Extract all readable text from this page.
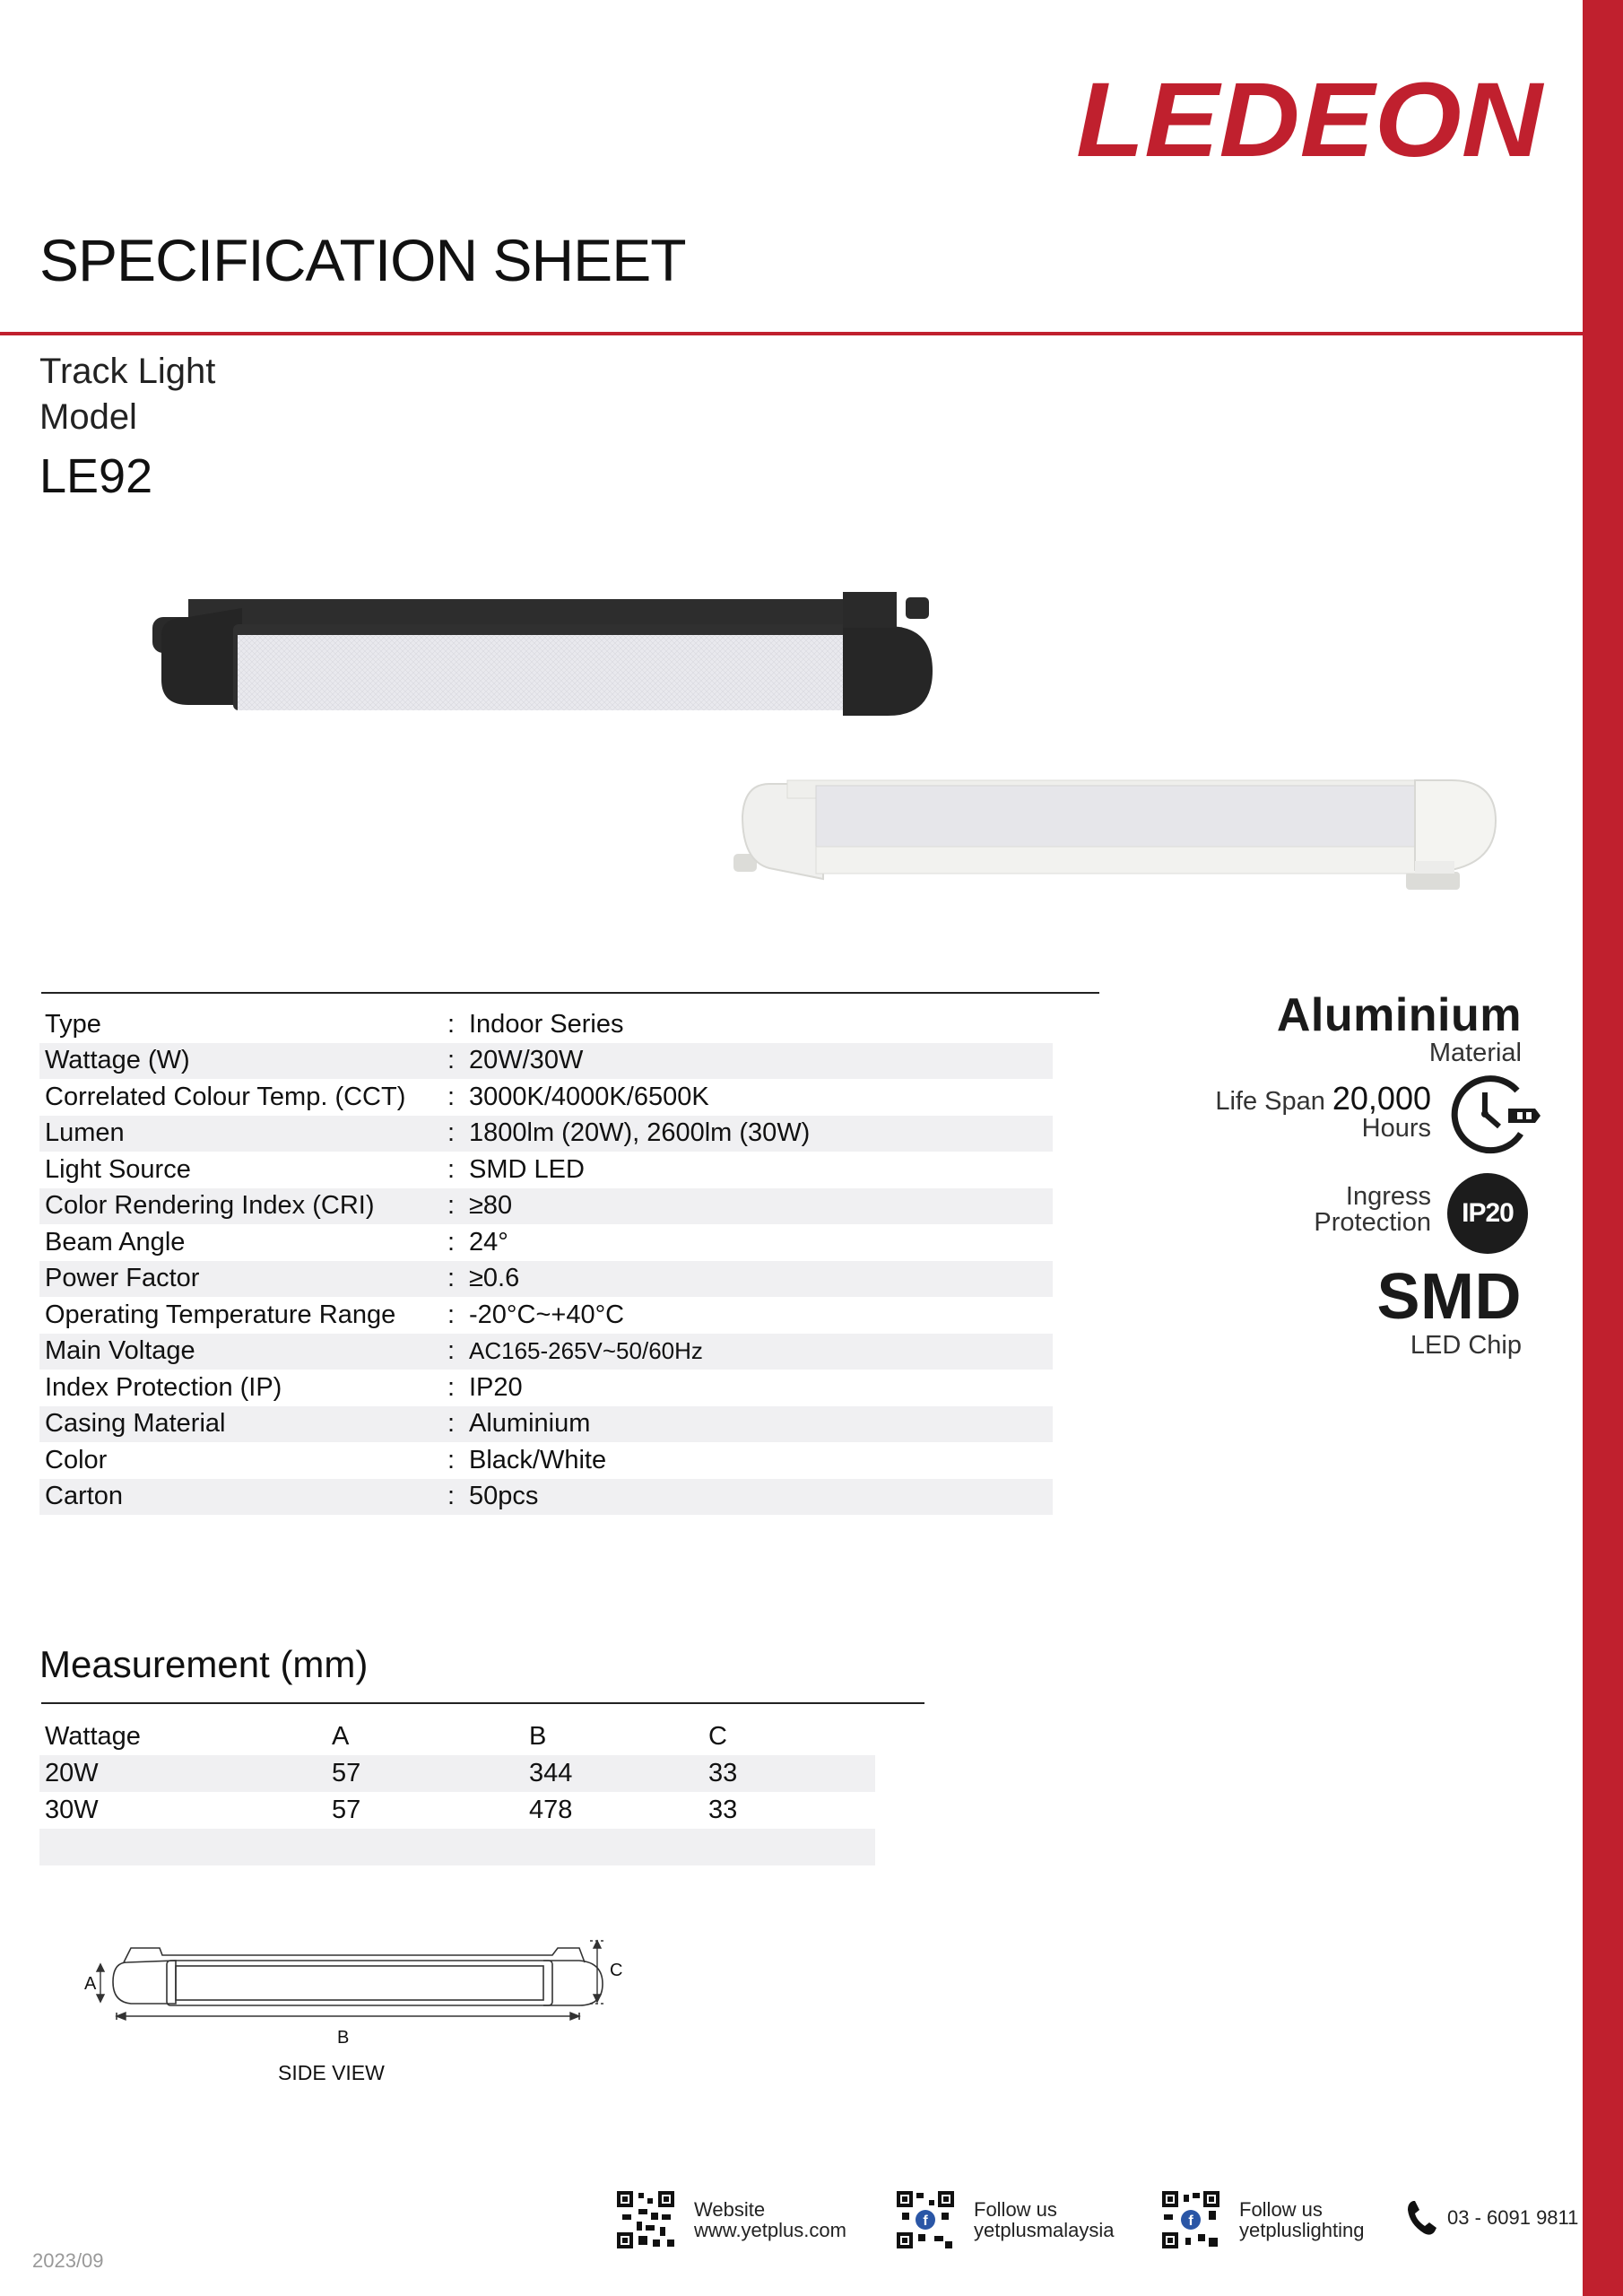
LEDEON
SPECIFICATION SHEET
Track Light
Model
LE92
Type	:	Indoor Series
Wattage (W)	:	20W/30W
Correlated Colour Temp. (CCT)	:	3000K/4000K/6500K
Lumen	:	1800lm (20W), 2600lm (30W)
Light Source	:	SMD LED
Color Rendering Index (CRI)	:	≥80
Beam Angle	:	24°
Power Factor	:	≥0.6
Operating Temperature Range	:	-20°C~+40°C
Main Voltage	:	AC165-265V~50/60Hz
Index Protection (IP)	:	IP20
Casing Material	:	Aluminium
Color	:	Black/White
Carton	:	50pcs
Aluminium
Material
Life Span 20,000
Hours
Ingress
Protection IP20
SMD
LED Chip
Measurement (mm)
Wattage	A	B	C
20W	57	344	33
30W	57	478	33

A
C
B
SIDE VIEW
Website
www.yetplus.com	f
Follow us
yetplusmalaysia	f
Follow us
yetpluslighting
03 - 6091 9811
2023/09
